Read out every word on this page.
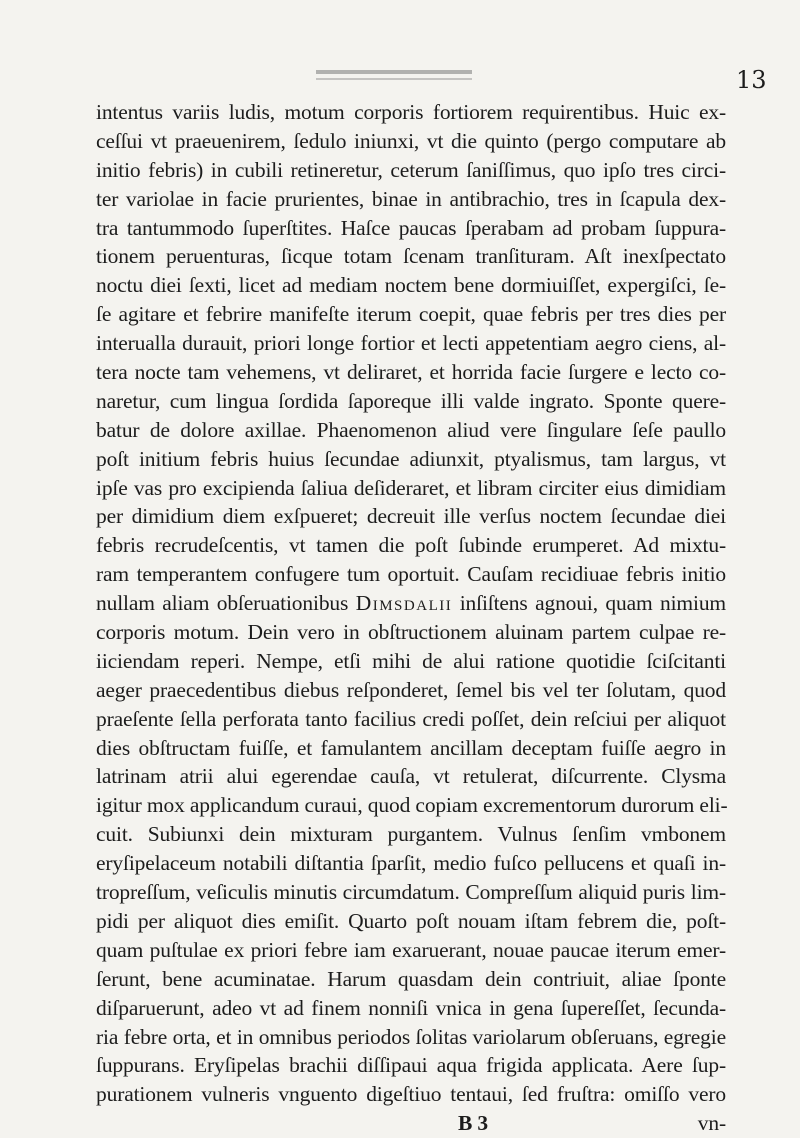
13
intentus variis ludis, motum corporis fortiorem requirentibus. Huic ex-
ceſſui vt praeuenirem, ſedulo iniunxi, vt die quinto (pergo computare ab
initio febris) in cubili retineretur, ceterum ſaniſſimus, quo ipſo tres circi-
ter variolae in facie prurientes, binae in antibrachio, tres in ſcapula dex-
tra tantummodo ſuperſtites. Haſce paucas ſperabam ad probam ſuppura-
tionem peruenturas, ſicque totam ſcenam tranſituram. Aſt inexſpectato
noctu diei ſexti, licet ad mediam noctem bene dormiuiſſet, expergiſci, ſe-
ſe agitare et febrire manifeſte iterum coepit, quae febris per tres dies per
interualla durauit, priori longe fortior et lecti appetentiam aegro ciens, al-
tera nocte tam vehemens, vt deliraret, et horrida facie ſurgere e lecto co-
naretur, cum lingua ſordida ſaporeque illi valde ingrato. Sponte quere-
batur de dolore axillae. Phaenomenon aliud vere ſingulare ſeſe paullo
poſt initium febris huius ſecundae adiunxit, ptyalismus, tam largus, vt
ipſe vas pro excipienda ſaliua deſideraret, et libram circiter eius dimidiam
per dimidium diem exſpueret; decreuit ille verſus noctem ſecundae diei
febris recrudeſcentis, vt tamen die poſt ſubinde erumperet. Ad mixtu-
ram temperantem confugere tum oportuit. Cauſam recidiuae febris initio
nullam aliam obſeruationibus Dimsdalii inſiſtens agnoui, quam nimium
corporis motum. Dein vero in obſtructionem aluinam partem culpae re-
iiciendam reperi. Nempe, etſi mihi de alui ratione quotidie ſciſcitanti
aeger praecedentibus diebus reſponderet, ſemel bis vel ter ſolutam, quod
praeſente ſella perforata tanto facilius credi poſſet, dein reſciui per aliquot
dies obſtructam fuiſſe, et famulantem ancillam deceptam fuiſſe aegro in
latrinam atrii alui egerendae cauſa, vt retulerat, diſcurrente. Clysma
igitur mox applicandum curaui, quod copiam excrementorum durorum eli-
cuit. Subiunxi dein mixturam purgantem. Vulnus ſenſim vmbonem
eryſipelaceum notabili diſtantia ſparſit, medio fuſco pellucens et quaſi in-
tropreſſum, veſiculis minutis circumdatum. Compreſſum aliquid puris lim-
pidi per aliquot dies emiſit. Quarto poſt nouam iſtam febrem die, poſt-
quam puſtulae ex priori febre iam exaruerant, nouae paucae iterum emer-
ſerunt, bene acuminatae. Harum quasdam dein contriuit, aliae ſponte
diſparuerunt, adeo vt ad finem nonniſi vnica in gena ſupereſſet, ſecunda-
ria febre orta, et in omnibus periodos ſolitas variolarum obſeruans, egregie
ſuppurans. Eryſipelas brachii diſſipaui aqua frigida applicata. Aere ſup-
purationem vulneris vnguento digeſtiuo tentaui, ſed fruſtra: omiſſo vero
B 3	vn-
